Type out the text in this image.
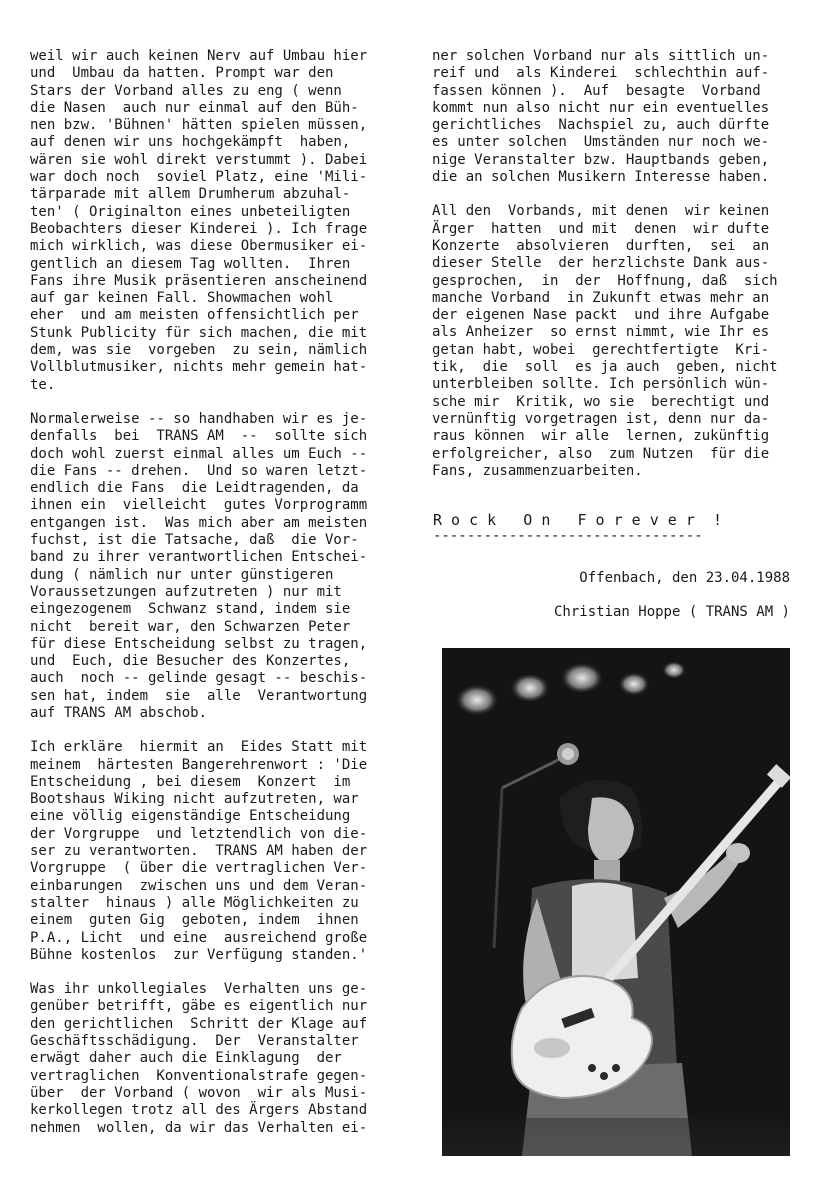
weil wir auch keinen Nerv auf Umbau hier
und  Umbau da hatten. Prompt war den
Stars der Vorband alles zu eng ( wenn
die Nasen  auch nur einmal auf den Büh-
nen bzw. 'Bühnen' hätten spielen müssen,
auf denen wir uns hochgekämpft  haben,
wären sie wohl direkt verstummt ). Dabei
war doch noch  soviel Platz, eine 'Mili-
tärparade mit allem Drumherum abzuhal-
ten' ( Originalton eines unbeteiligten
Beobachters dieser Kinderei ). Ich frage
mich wirklich, was diese Obermusiker ei-
gentlich an diesem Tag wollten.  Ihren
Fans ihre Musik präsentieren anscheinend
auf gar keinen Fall. Showmachen wohl
eher  und am meisten offensichtlich per
Stunk Publicity für sich machen, die mit
dem, was sie  vorgeben  zu sein, nämlich
Vollblutmusiker, nichts mehr gemein hat-
te.
Normalerweise -- so handhaben wir es je-
denfalls  bei  TRANS AM  --  sollte sich
doch wohl zuerst einmal alles um Euch --
die Fans -- drehen.  Und so waren letzt-
endlich die Fans  die Leidtragenden, da
ihnen ein  vielleicht  gutes Vorprogramm
entgangen ist.  Was mich aber am meisten
fuchst, ist die Tatsache, daß  die Vor-
band zu ihrer verantwortlichen Entschei-
dung ( nämlich nur unter günstigeren
Voraussetzungen aufzutreten ) nur mit
eingezogenem  Schwanz stand, indem sie
nicht  bereit war, den Schwarzen Peter
für diese Entscheidung selbst zu tragen,
und  Euch, die Besucher des Konzertes,
auch  noch -- gelinde gesagt -- beschis-
sen hat, indem  sie  alle  Verantwortung
auf TRANS AM abschob.
Ich erkläre  hiermit an  Eides Statt mit
meinem  härtesten Bangerehrenwort : 'Die
Entscheidung , bei diesem  Konzert  im
Bootshaus Wiking nicht aufzutreten, war
eine völlig eigenständige Entscheidung
der Vorgruppe  und letztendlich von die-
ser zu verantworten.  TRANS AM haben der
Vorgruppe  ( über die vertraglichen Ver-
einbarungen  zwischen uns und dem Veran-
stalter  hinaus ) alle Möglichkeiten zu
einem  guten Gig  geboten, indem  ihnen
P.A., Licht  und eine  ausreichend große
Bühne kostenlos  zur Verfügung standen.'
Was ihr unkollegiales  Verhalten uns ge-
genüber betrifft, gäbe es eigentlich nur
den gerichtlichen  Schritt der Klage auf
Geschäftsschädigung.  Der  Veranstalter
erwägt daher auch die Einklagung  der
vertraglichen  Konventionalstrafe gegen-
über  der Vorband ( wovon  wir als Musi-
kerkollegen trotz all des Ärgers Abstand
nehmen  wollen, da wir das Verhalten ei-
ner solchen Vorband nur als sittlich un-
reif und  als Kinderei  schlechthin auf-
fassen können ).  Auf  besagte  Vorband
kommt nun also nicht nur ein eventuelles
gerichtliches  Nachspiel zu, auch dürfte
es unter solchen  Umständen nur noch we-
nige Veranstalter bzw. Hauptbands geben,
die an solchen Musikern Interesse haben.
All den  Vorbands, mit denen  wir keinen
Ärger  hatten  und mit  denen  wir dufte
Konzerte  absolvieren  durften,  sei  an
dieser Stelle  der herzlichste Dank aus-
gesprochen,  in  der  Hoffnung, daß  sich
manche Vorband  in Zukunft etwas mehr an
der eigenen Nase packt  und ihre Aufgabe
als Anheizer  so ernst nimmt, wie Ihr es
getan habt, wobei  gerechtfertigte  Kri-
tik,  die  soll  es ja auch  geben, nicht
unterbleiben sollte. Ich persönlich wün-
sche mir  Kritik, wo sie  berechtigt und
vernünftig vorgetragen ist, denn nur da-
raus können  wir alle  lernen, zukünftig
erfolgreicher, also  zum Nutzen  für die
Fans, zusammenzuarbeiten.
R o c k   O n   F o r e v e r  !
--------------------------------
Offenbach, den 23.04.1988
Christian Hoppe ( TRANS AM )
